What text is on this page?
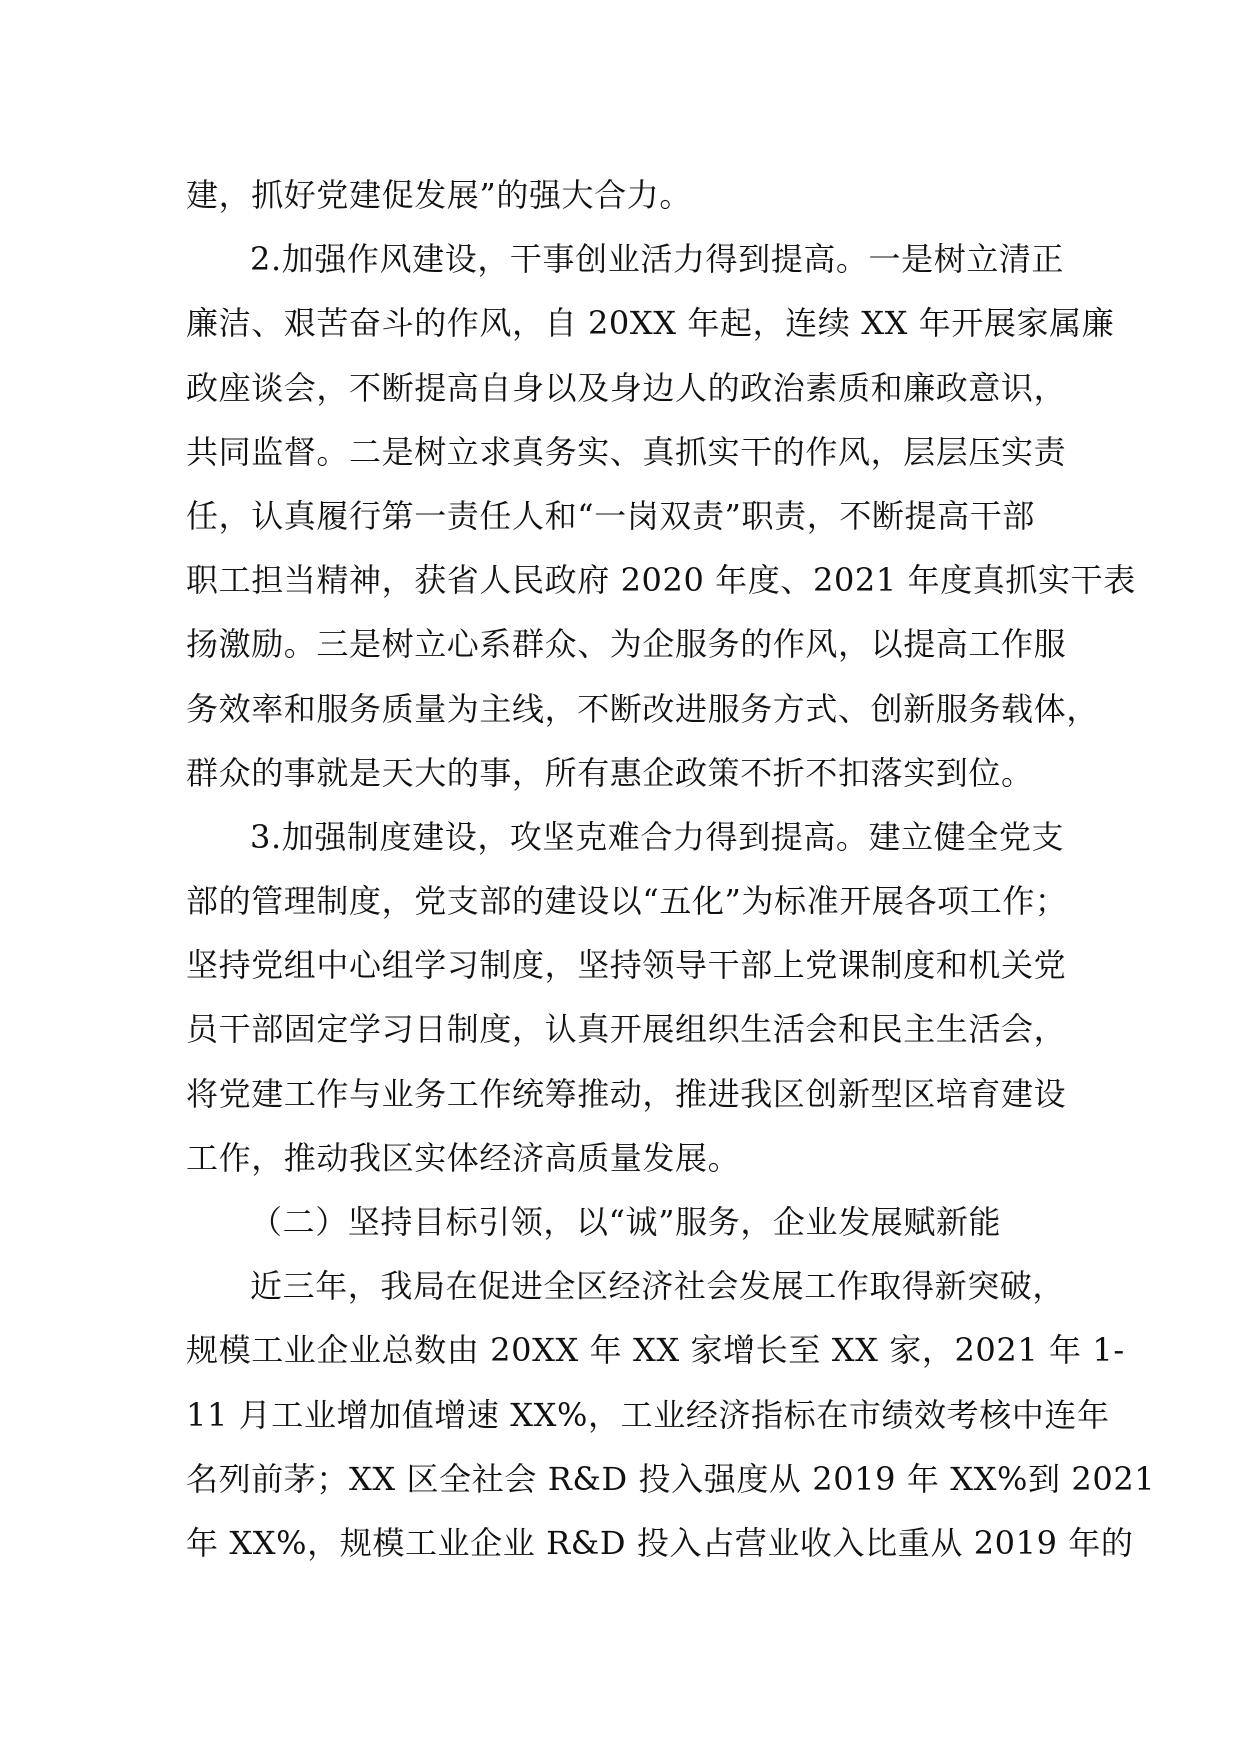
建，抓好党建促发展”的强大合力。
2.加强作风建设，干事创业活力得到提高。一是树立清正
廉洁、艰苦奋斗的作风，自 20XX 年起，连续 XX 年开展家属廉
政座谈会，不断提高自身以及身边人的政治素质和廉政意识，
共同监督。二是树立求真务实、真抓实干的作风，层层压实责
任，认真履行第一责任人和“一岗双责”职责，不断提高干部
职工担当精神，获省人民政府 2020 年度、2021 年度真抓实干表
扬激励。三是树立心系群众、为企服务的作风，以提高工作服
务效率和服务质量为主线，不断改进服务方式、创新服务载体，
群众的事就是天大的事，所有惠企政策不折不扣落实到位。
3.加强制度建设，攻坚克难合力得到提高。建立健全党支
部的管理制度，党支部的建设以“五化”为标准开展各项工作；
坚持党组中心组学习制度，坚持领导干部上党课制度和机关党
员干部固定学习日制度，认真开展组织生活会和民主生活会，
将党建工作与业务工作统筹推动，推进我区创新型区培育建设
工作，推动我区实体经济高质量发展。
（二）坚持目标引领，以“诚”服务，企业发展赋新能
近三年，我局在促进全区经济社会发展工作取得新突破，
规模工业企业总数由 20XX 年 XX 家增长至 XX 家，2021 年 1-
11 月工业增加值增速 XX%，工业经济指标在市绩效考核中连年
名列前茅；XX 区全社会 R&D 投入强度从 2019 年 XX%到 2021
年 XX%，规模工业企业 R&D 投入占营业收入比重从 2019 年的
